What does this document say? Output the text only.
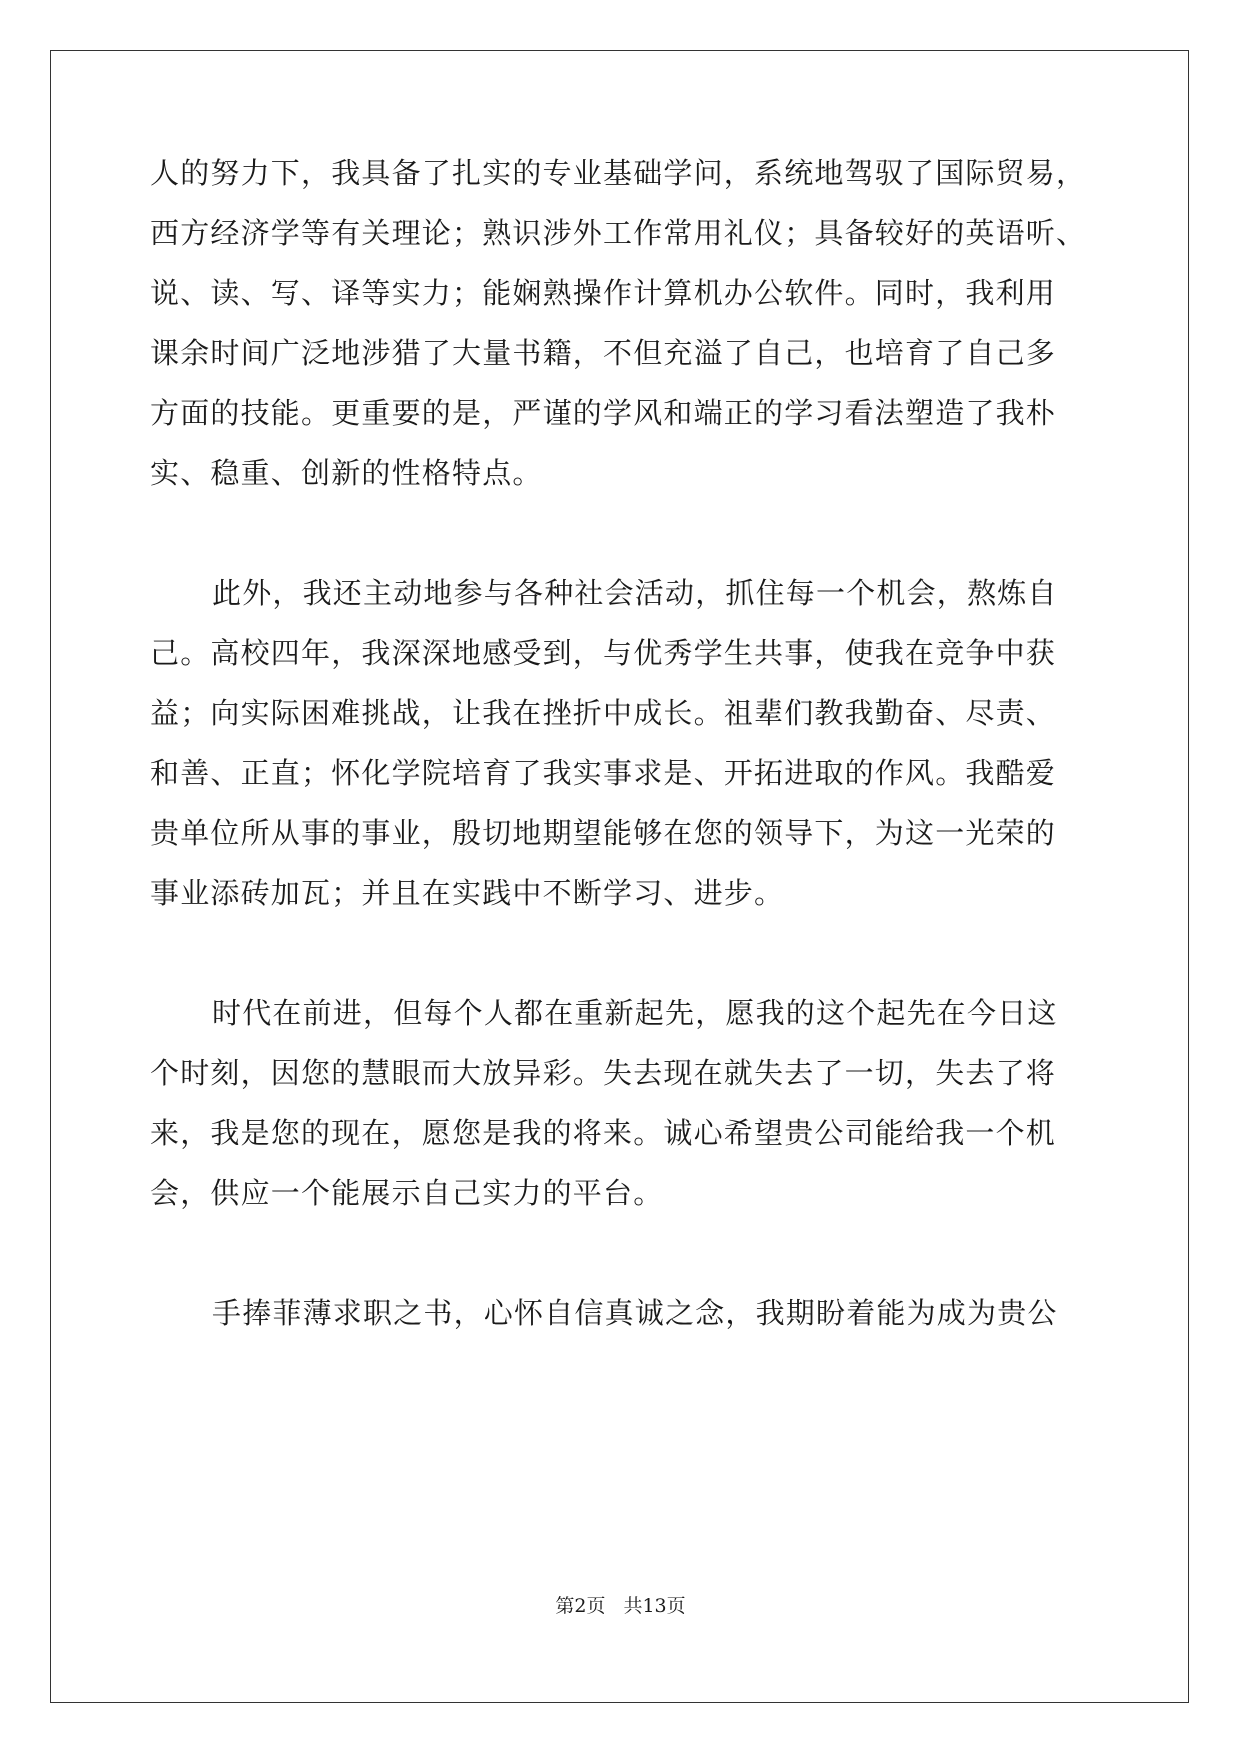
人的努力下，我具备了扎实的专业基础学问，系统地驾驭了国际贸易，
西方经济学等有关理论；熟识涉外工作常用礼仪；具备较好的英语听、
说、读、写、译等实力；能娴熟操作计算机办公软件。同时，我利用
课余时间广泛地涉猎了大量书籍，不但充溢了自己，也培育了自己多
方面的技能。更重要的是，严谨的学风和端正的学习看法塑造了我朴
实、稳重、创新的性格特点。
此外，我还主动地参与各种社会活动，抓住每一个机会，熬炼自
己。高校四年，我深深地感受到，与优秀学生共事，使我在竞争中获
益；向实际困难挑战，让我在挫折中成长。祖辈们教我勤奋、尽责、
和善、正直；怀化学院培育了我实事求是、开拓进取的作风。我酷爱
贵单位所从事的事业，殷切地期望能够在您的领导下，为这一光荣的
事业添砖加瓦；并且在实践中不断学习、进步。
时代在前进，但每个人都在重新起先，愿我的这个起先在今日这
个时刻，因您的慧眼而大放异彩。失去现在就失去了一切，失去了将
来，我是您的现在，愿您是我的将来。诚心希望贵公司能给我一个机
会，供应一个能展示自己实力的平台。
手捧菲薄求职之书，心怀自信真诚之念，我期盼着能为成为贵公
第2页 共13页
